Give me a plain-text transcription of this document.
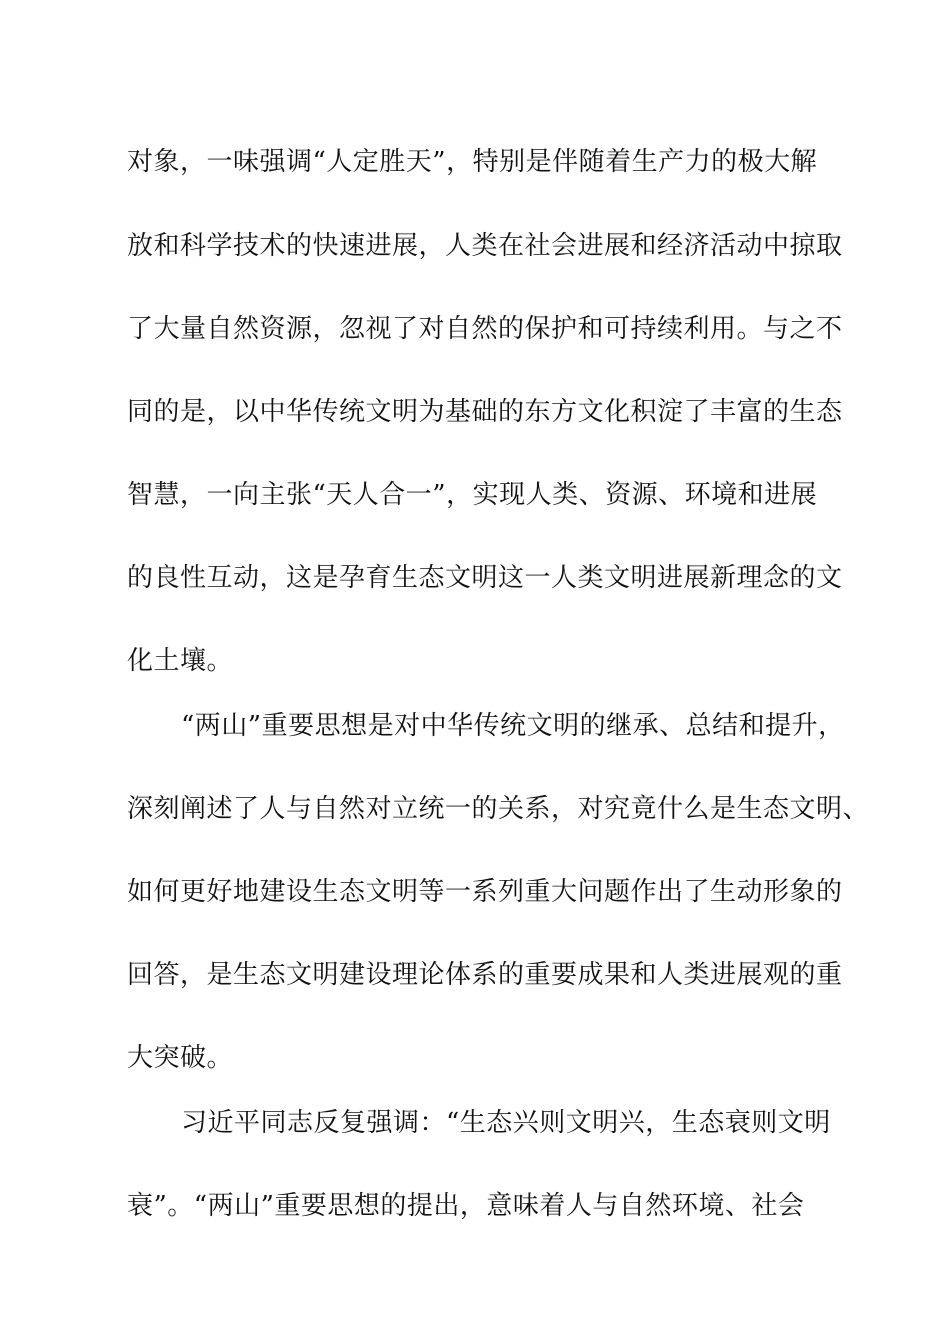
对象，一味强调“人定胜天”，特别是伴随着生产力的极大解
放和科学技术的快速进展，人类在社会进展和经济活动中掠取
了大量自然资源，忽视了对自然的保护和可持续利用。与之不
同的是，以中华传统文明为基础的东方文化积淀了丰富的生态
智慧，一向主张“天人合一”，实现人类、资源、环境和进展
的良性互动，这是孕育生态文明这一人类文明进展新理念的文
化土壤。
“两山”重要思想是对中华传统文明的继承、总结和提升，
深刻阐述了人与自然对立统一的关系，对究竟什么是生态文明、
如何更好地建设生态文明等一系列重大问题作出了生动形象的
回答，是生态文明建设理论体系的重要成果和人类进展观的重
大突破。
习近平同志反复强调：“生态兴则文明兴，生态衰则文明
衰”。“两山”重要思想的提出，意味着人与自然环境、社会
